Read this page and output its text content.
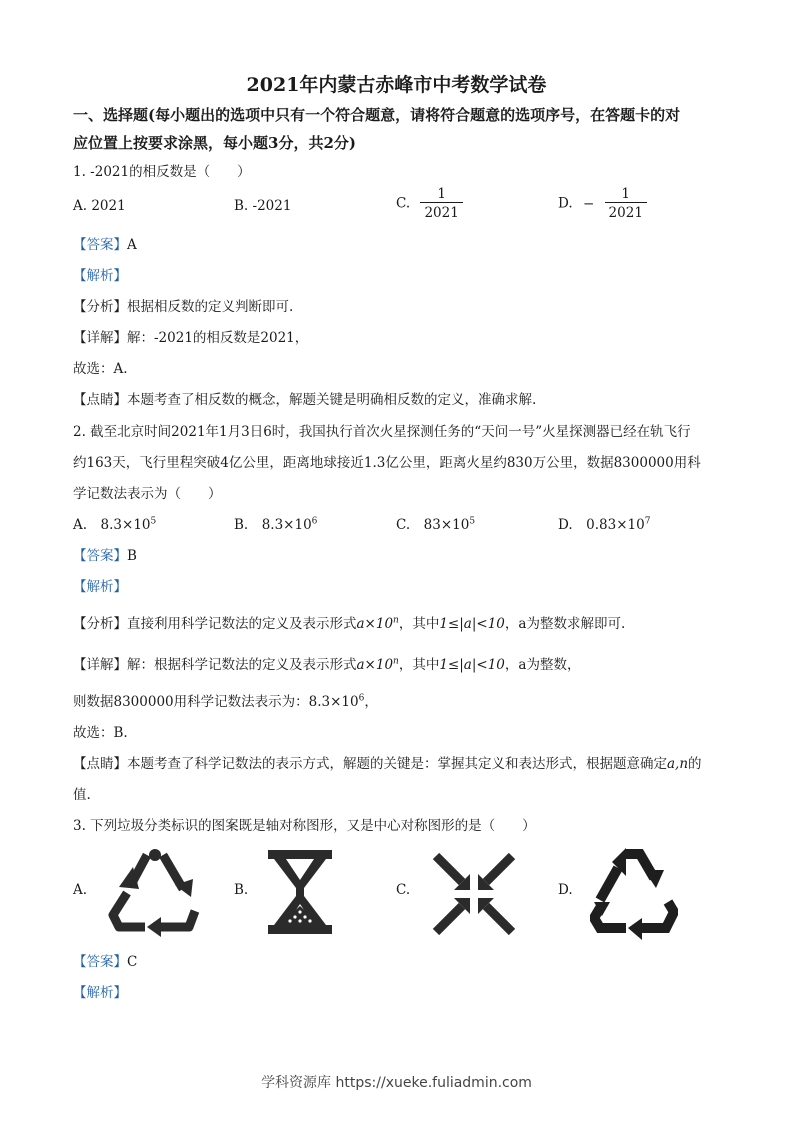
2021年内蒙古赤峰市中考数学试卷
一、选择题(每小题出的选项中只有一个符合题意，请将符合题意的选项序号，在答题卡的对
应位置上按要求涂黑，每小题3分，共2分)
1. -2021的相反数是（　　）
A. 2021	B. -2021	C. $\frac{1}{2021}$	D. − $\frac{1}{2021}$
【答案】A
【解析】
【分析】根据相反数的定义判断即可.
【详解】解：-2021的相反数是2021，
故选：A.
【点睛】本题考查了相反数的概念，解题关键是明确相反数的定义，准确求解.
2. 截至北京时间2021年1月3日6时，我国执行首次火星探测任务的“天问一号”火星探测器已经在轨飞行
约163天，飞行里程突破4亿公里，距离地球接近1.3亿公里，距离火星约830万公里，数据8300000用科
学记数法表示为（　　）
A.　$8.3\times 10^5$	B.　$8.3\times 10^6$	C.　$83\times 10^5$	D.　$0.83\times 10^7$
【答案】B
【解析】
【分析】直接利用科学记数法的定义及表示形式$a\times 10^n$，其中1≤|a|<10，a为整数求解即可.
【详解】解：根据科学记数法的定义及表示形式$a\times 10^n$，其中1≤|a|<10，a为整数，
则数据8300000用科学记数法表示为：$8.3\times 10^6$，
故选：B.
【点睛】本题考查了科学记数法的表示方式，解题的关键是：掌握其定义和表达形式，根据题意确定a,n的
值.
3. 下列垃圾分类标识的图案既是轴对称图形，又是中心对称图形的是（　　）
A.	B.	C.	D.
【答案】C
【解析】
学科资源库 https://xueke.fuliadmin.com
